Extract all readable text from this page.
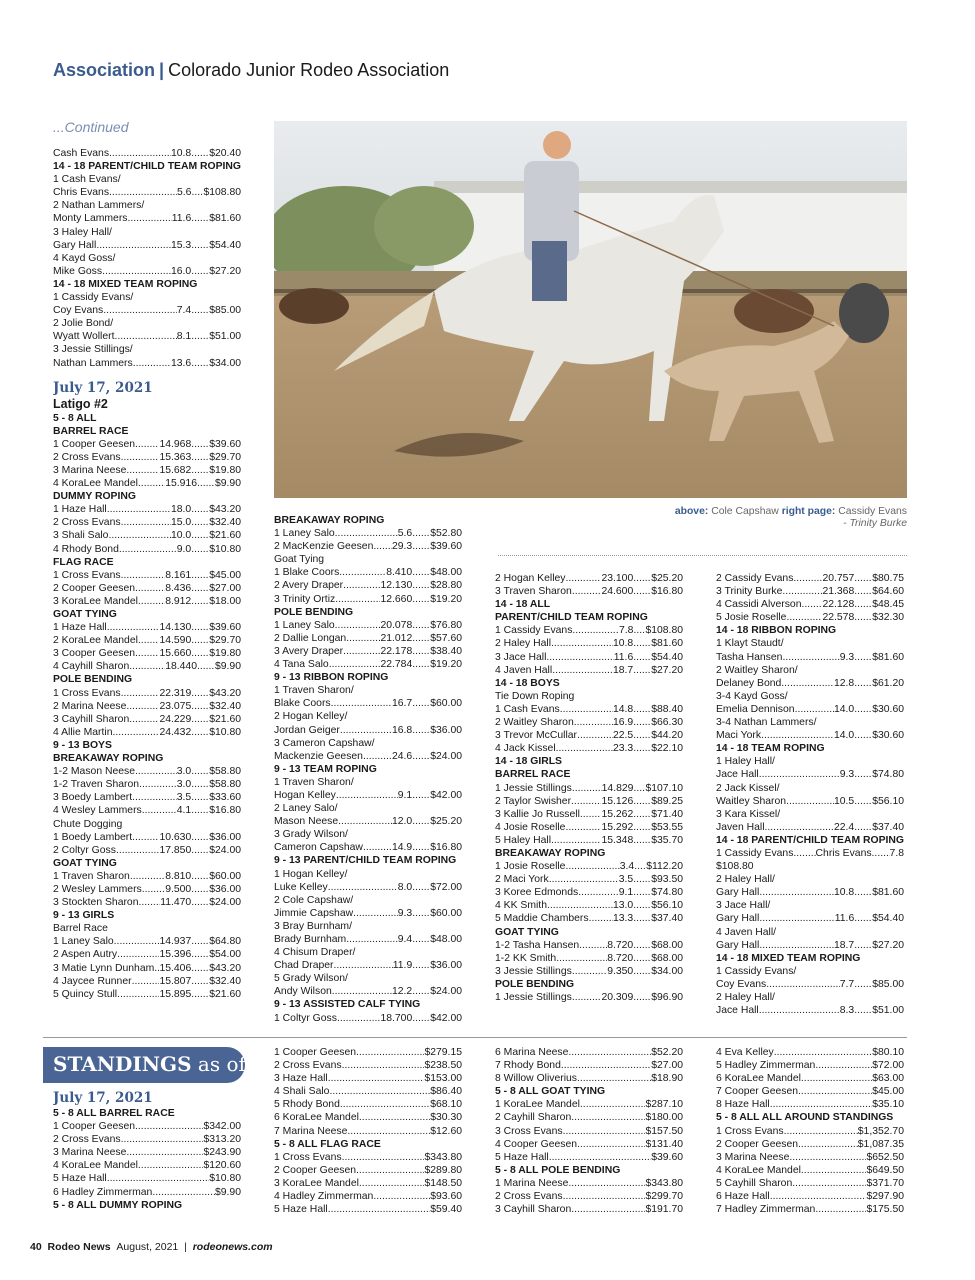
Association | Colorado Junior Rodeo Association
...Continued
Cash Evans .....	10.8 ..... $20.40
14 - 18 PARENT/CHILD TEAM ROPING
1 Cash Evans/
Chris Evans .....	5.6 ..... $108.80
2 Nathan Lammers/
Monty Lammers .....	11.6 ..... $81.60
3 Haley Hall/
Gary Hall .....	15.3 ..... $54.40
4 Kayd Goss/
Mike Goss .....	16.0 ..... $27.20
14 - 18 MIXED TEAM ROPING
1 Cassidy Evans/
Coy Evans .....	7.4 ..... $85.00
2 Jolie Bond/
Wyatt Wollert .....	8.1 ..... $51.00
3 Jessie Stillings/
Nathan Lammers .....	13.6 ..... $34.00
July 17, 2021
Latigo #2
5 - 8 ALL
BARREL RACE
1 Cooper Geesen ..... 14.968 ..... $39.60
2 Cross Evans .....	15.363 ..... $29.70
3 Marina Neese .....	15.682 ..... $19.80
4 KoraLee Mandel .....	15.916 ..... $9.90
DUMMY ROPING
1 Haze Hall .....	18.0 ..... $43.20
2 Cross Evans .....	15.0 ..... $32.40
3 Shali Salo .....	10.0 ..... $21.60
4 Rhody Bond .....	9.0 ..... $10.80
FLAG RACE
1 Cross Evans .....	8.161 ..... $45.00
2 Cooper Geesen .....	8.436 ..... $27.00
3 KoraLee Mandel .....	8.912 ..... $18.00
GOAT TYING
1 Haze Hall .....	14.130 ..... $39.60
2 KoraLee Mandel ..... 14.590 ..... $29.70
3 Cooper Geesen ..... 15.660 ..... $19.80
4 Cayhill Sharon .....	18.440 ..... $9.90
POLE BENDING
1 Cross Evans .....	22.319 ..... $43.20
2 Marina Neese .....	23.075 ..... $32.40
3 Cayhill Sharon .....	24.229 ..... $21.60
4 Allie Martin .....	24.432 ..... $10.80
9 - 13 BOYS
BREAKAWAY ROPING
1-2 Mason Neese .....	3.0 ..... $58.80
1-2 Traven Sharon .....	3.0 ..... $58.80
3 Boedy Lambert .....	3.5 ..... $33.60
4 Wesley Lammers .....	4.1 ..... $16.80
Chute Dogging
1 Boedy Lambert .....	10.630 ..... $36.00
2 Coltyr Goss .....	17.850 ..... $24.00
GOAT TYING
1 Traven Sharon .....	8.810 ..... $60.00
2 Wesley Lammers ..... 9.500 ..... $36.00
3 Stockten Sharon ..... 11.470 ..... $24.00
9 - 13 GIRLS
Barrel Race
1 Laney Salo .....	14.937 ..... $64.80
2 Aspen Autry .....	15.396 ..... $54.00
3 Matie Lynn Dunham ..... 15.406 ..... $43.20
4 Jaycee Runner .....	15.807 ..... $32.40
5 Quincy Stull .....	15.895 ..... $21.60
above: Cole Capshaw right page: Cassidy Evans
- Trinity Burke
BREAKAWAY ROPING
1 Laney Salo .....	5.6 ..... $52.80
2 MacKenzie Geesen ..... 29.3 ..... $39.60
Goat Tying
1 Blake Coors .....	8.410 ..... $48.00
2 Avery Draper .....	12.130 ..... $28.80
3 Trinity Ortiz .....	12.660 ..... $19.20
POLE BENDING
1 Laney Salo .....	20.078 ..... $76.80
2 Dallie Longan .....	21.012 ..... $57.60
3 Avery Draper .....	22.178 ..... $38.40
4 Tana Salo .....	22.784 ..... $19.20
9 - 13 RIBBON ROPING
1 Traven Sharon/
Blake Coors .....	16.7 ..... $60.00
2 Hogan Kelley/
Jordan Geiger .....	16.8 ..... $36.00
3 Cameron Capshaw/
Mackenzie Geesen .....	24.6 ..... $24.00
9 - 13 TEAM ROPING
1 Traven Sharon/
Hogan Kelley .....	9.1 ..... $42.00
2 Laney Salo/
Mason Neese .....	12.0 ..... $25.20
3 Grady Wilson/
Cameron Capshaw .....	14.9 ..... $16.80
9 - 13 PARENT/CHILD TEAM ROPING
1 Hogan Kelley/
Luke Kelley .....	8.0 ..... $72.00
2 Cole Capshaw/
Jimmie Capshaw .....	9.3 ..... $60.00
3 Bray Burnham/
Brady Burnham .....	9.4 ..... $48.00
4 Chisum Draper/
Chad Draper .....	11.9 ..... $36.00
5 Grady Wilson/
Andy Wilson .....	12.2 ..... $24.00
9 - 13 ASSISTED CALF TYING
1 Coltyr Goss .....	18.700 ..... $42.00
2 Hogan Kelley .....	23.100 ..... $25.20
3 Traven Sharon .....	24.600 ..... $16.80
14 - 18 ALL
PARENT/CHILD TEAM ROPING
1 Cassidy Evans .....	7.8 ..... $108.80
2 Haley Hall .....	10.8 ..... $81.60
3 Jace Hall .....	11.6 ..... $54.40
4 Javen Hall .....	18.7 ..... $27.20
14 - 18 BOYS
Tie Down Roping
1 Cash Evans .....	14.8 ..... $88.40
2 Waitley Sharon .....	16.9 ..... $66.30
3 Trevor McCullar .....	22.5 ..... $44.20
4 Jack Kissel .....	23.3 ..... $22.10
14 - 18 GIRLS
BARREL RACE
1 Jessie Stillings .....	14.829 ..... $107.10
2 Taylor Swisher .....	15.126 ..... $89.25
3 Kallie Jo Russell ..... 15.262 ..... $71.40
4 Josie Roselle .....	15.292 ..... $53.55
5 Haley Hall .....	15.348 ..... $35.70
BREAKAWAY ROPING
1 Josie Roselle .....	3.4 ..... $112.20
2 Maci York .....	3.5 ..... $93.50
3 Koree Edmonds .....	9.1 ..... $74.80
4 KK Smith .....	13.0 ..... $56.10
5 Maddie Chambers ..... 13.3 ..... $37.40
GOAT TYING
1-2 Tasha Hansen .....	8.720 ..... $68.00
1-2 KK Smith .....	8.720 ..... $68.00
3 Jessie Stillings .....	9.350 ..... $34.00
POLE BENDING
1 Jessie Stillings .....	20.309 ..... $96.90
2 Cassidy Evans .....	20.757 ..... $80.75
3 Trinity Burke .....	21.368 ..... $64.60
4 Cassidi Alverson ..... 22.128 ..... $48.45
5 Josie Roselle .....	22.578 ..... $32.30
14 - 18 RIBBON ROPING
1 Klayt Staudt/
Tasha Hansen .....	9.3 ..... $81.60
2 Waitley Sharon/
Delaney Bond .....	12.8 ..... $61.20
3-4 Kayd Goss/
Emelia Dennison .....	14.0 ..... $30.60
3-4 Nathan Lammers/
Maci York .....	14.0 ..... $30.60
14 - 18 TEAM ROPING
1 Haley Hall/
Jace Hall .....	9.3 ..... $74.80
2 Jack Kissel/
Waitley Sharon .....	10.5 ..... $56.10
3 Kara Kissel/
Javen Hall .....	22.4 ..... $37.40
14 - 18 PARENT/CHILD TEAM ROPING
1 Cassidy Evans ..... Chris Evans ..... 7.8
$108.80
2 Haley Hall/
Gary Hall .....	10.8 ..... $81.60
3 Jace Hall/
Gary Hall .....	11.6 ..... $54.40
4 Javen Hall/
Gary Hall .....	18.7 ..... $27.20
14 - 18 MIXED TEAM ROPING
1 Cassidy Evans/
Coy Evans .....	7.7 ..... $85.00
2 Haley Hall/
Jace Hall .....	8.3 ..... $51.00
STANDINGS as of
July 17, 2021
5 - 8 ALL BARREL RACE
1 Cooper Geesen .....	$342.00
2 Cross Evans .....	$313.20
3 Marina Neese .....	$243.90
4 KoraLee Mandel .....	$120.60
5 Haze Hall .....	$10.80
6 Hadley Zimmerman .....	$9.90
5 - 8 ALL DUMMY ROPING
1 Cooper Geesen .....	$279.15
2 Cross Evans .....	$238.50
3 Haze Hall .....	$153.00
4 Shali Salo .....	$86.40
5 Rhody Bond .....	$68.10
6 KoraLee Mandel .....	$30.30
7 Marina Neese .....	$12.60
5 - 8 ALL FLAG RACE
1 Cross Evans .....	$343.80
2 Cooper Geesen .....	$289.80
3 KoraLee Mandel .....	$148.50
4 Hadley Zimmerman .....	$93.60
5 Haze Hall .....	$59.40
6 Marina Neese .....	$52.20
7 Rhody Bond .....	$27.00
8 Willow Oliverius .....	$18.90
5 - 8 ALL GOAT TYING
1 KoraLee Mandel .....	$287.10
2 Cayhill Sharon .....	$180.00
3 Cross Evans .....	$157.50
4 Cooper Geesen .....	$131.40
5 Haze Hall .....	$39.60
5 - 8 ALL POLE BENDING
1 Marina Neese .....	$343.80
2 Cross Evans .....	$299.70
3 Cayhill Sharon .....	$191.70
4 Eva Kelley .....	$80.10
5 Hadley Zimmerman .....	$72.00
6 KoraLee Mandel .....	$63.00
7 Cooper Geesen .....	$45.00
8 Haze Hall .....	$35.10
5 - 8 ALL ALL AROUND STANDINGS
1 Cross Evans .....	$1,352.70
2 Cooper Geesen .....	$1,087.35
3 Marina Neese .....	$652.50
4 KoraLee Mandel .....	$649.50
5 Cayhill Sharon .....	$371.70
6 Haze Hall .....	$297.90
7 Hadley Zimmerman .....	$175.50
40 Rodeo News August, 2021 | rodeonews.com
